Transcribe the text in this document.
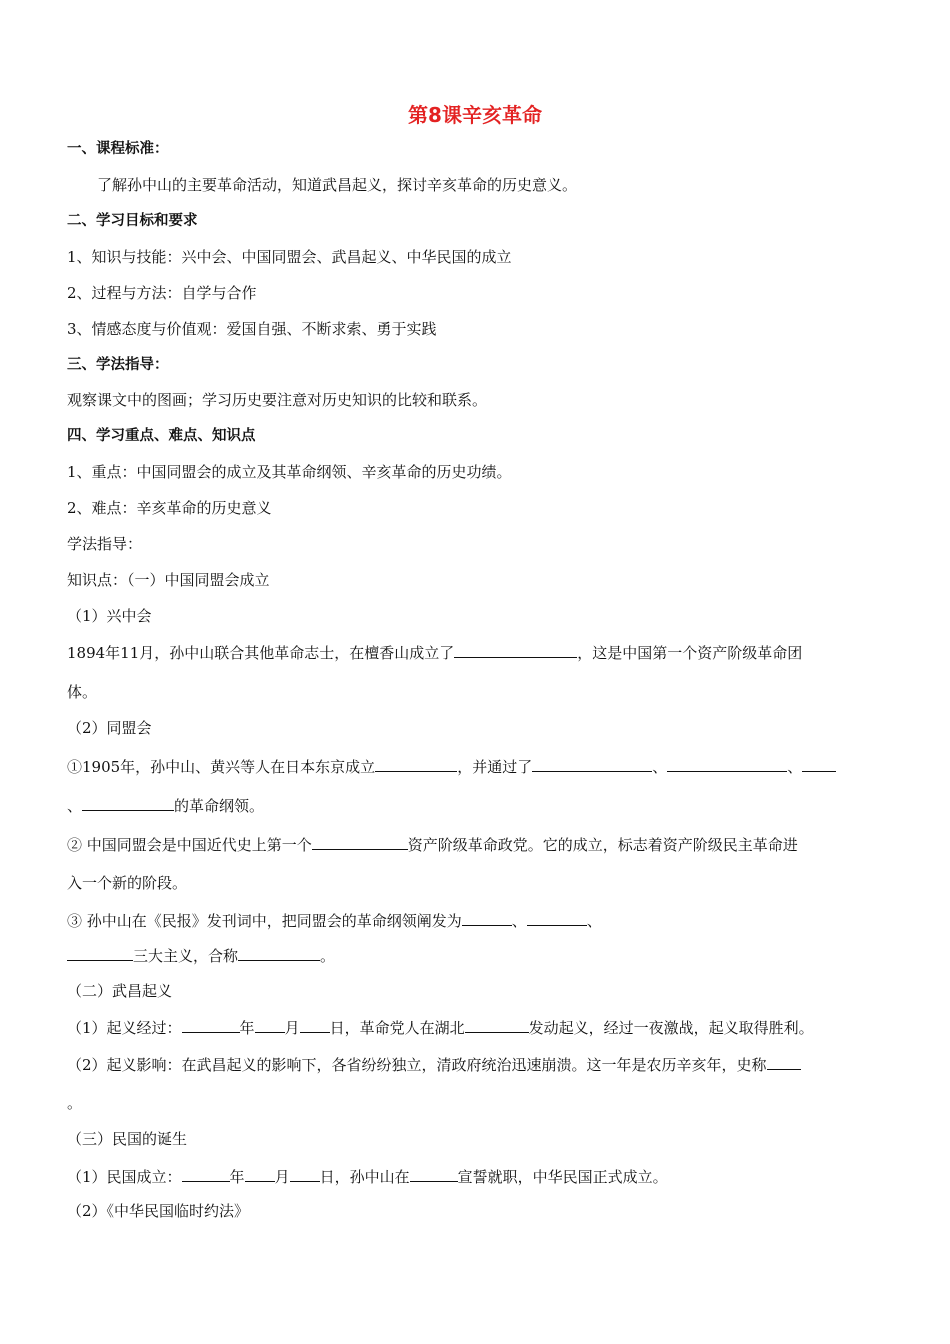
第8课辛亥革命
一、课程标准：
了解孙中山的主要革命活动，知道武昌起义，探讨辛亥革命的历史意义。
二、学习目标和要求
1、知识与技能：兴中会、中国同盟会、武昌起义、中华民国的成立
2、过程与方法：自学与合作
3、情感态度与价值观：爱国自强、不断求索、勇于实践
三、学法指导：
观察课文中的图画；学习历史要注意对历史知识的比较和联系。
四、学习重点、难点、知识点
1、重点：中国同盟会的成立及其革命纲领、辛亥革命的历史功绩。
2、难点：辛亥革命的历史意义
学法指导：
知识点：（一）中国同盟会成立
（1）兴中会
1894年11月，孙中山联合其他革命志士，在檀香山成立了	，这是中国第一个资产阶级革命团
体。
（2）同盟会
①1905年，孙中山、黄兴等人在日本东京成立	，并通过了	、	、
、	的革命纲领。
② 中国同盟会是中国近代史上第一个	资产阶级革命政党。它的成立，标志着资产阶级民主革命进
入一个新的阶段。
③ 孙中山在《民报》发刊词中，把同盟会的革命纲领阐发为	、	、
三大主义，合称	。
（二）武昌起义
（1）起义经过：	年 月 日，革命党人在湖北	发动起义，经过一夜激战，起义取得胜利。
（2）起义影响：在武昌起义的影响下，各省纷纷独立，清政府统治迅速崩溃。这一年是农历辛亥年，史称
。
（三）民国的诞生
（1）民国成立：	年 月 日，孙中山在	宣誓就职，中华民国正式成立。
（2）《中华民国临时约法》
